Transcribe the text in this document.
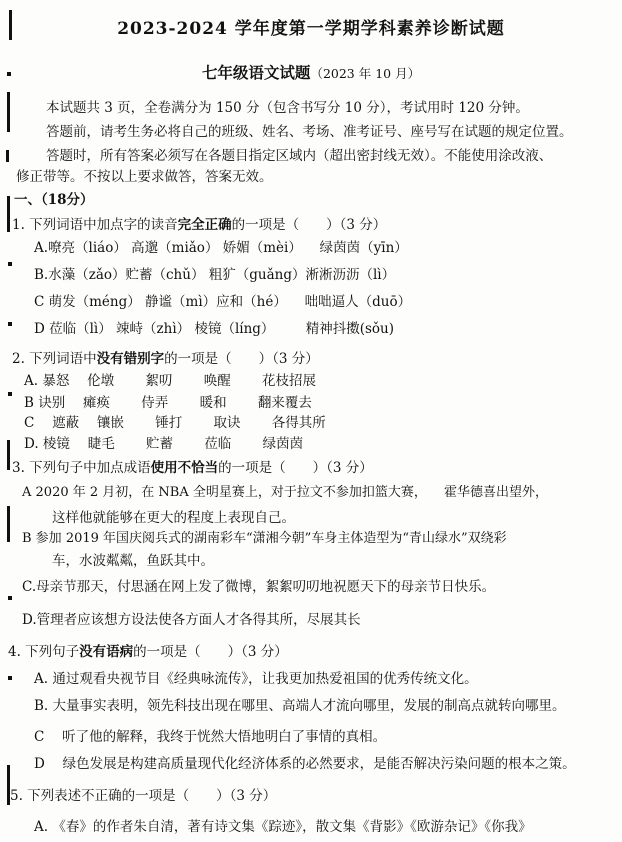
2023-2024 学年度第一学期学科素养诊断试题
七年级语文试题（2023 年 10 月）
本试题共 3 页，全卷满分为 150 分（包含书写分 10 分），考试用时 120 分钟。
答题前，请考生务必将自己的班级、姓名、考场、准考证号、座号写在试题的规定位置。
答题时，所有答案必须写在各题目指定区域内（超出密封线无效）。不能使用涂改液、
修正带等。不按以上要求做答，答案无效。
一、（18分）
1. 下列词语中加点字的读音完全正确的一项是（　　）（3 分）
A.嘹亮（liáo） 高邈（miǎo） 娇媚（mèi） 　绿茵茵（yīn）
B.水藻（zǎo）贮蓄（chǔ） 粗犷（guǎng）淅淅沥沥（lì）
C 萌发（méng） 静谧（mì）应和（hé） 　咄咄逼人（duō）
D 莅临（lì） 竦峙（zhì） 棱镜（líng） 　　精神抖擞(sǒu)
2. 下列词语中没有错别字的一项是（　　）（3 分）
A. 暴怒 　伦墩 　　絮叨 　　唤醒 　　花枝招展
B 诀别 　瘫痪 　　侍弄 　　暖和 　　翻来覆去
C 　遮蔽 　镶嵌 　　锤打 　　取诀 　　各得其所
D. 棱镜 　睫毛 　　贮蓄 　　莅临 　　绿茵茵
3. 下列句子中加点成语使用不恰当的一项是（　　）（3 分）
A 2020 年 2 月初，在 NBA 全明星赛上，对于拉文不参加扣篮大赛， 　霍华德喜出望外，
这样他就能够在更大的程度上表现自己。
B 参加 2019 年国庆阅兵式的湖南彩车“潇湘今朝”车身主体造型为“青山绿水”双绕彩
车，水波粼粼，鱼跃其中。
C.母亲节那天，付思涵在网上发了微博，絮絮叨叨地祝愿天下的母亲节日快乐。
D.管理者应该想方设法使各方面人才各得其所，尽展其长
4. 下列句子没有语病的一项是（　　）（3 分）
A. 通过观看央视节目《经典咏流传》，让我更加热爱祖国的优秀传统文化。
B. 大量事实表明，领先科技出现在哪里、高端人才流向哪里，发展的制高点就转向哪里。
C 　听了他的解释，我终于恍然大悟地明白了事情的真相。
D 　绿色发展是构建高质量现代化经济体系的必然要求，是能否解决污染问题的根本之策。
5. 下列表述不正确的一项是（　　）（3 分）
A. 《春》的作者朱自清，著有诗文集《踪迹》，散文集《背影》《欧游杂记》《你我》
